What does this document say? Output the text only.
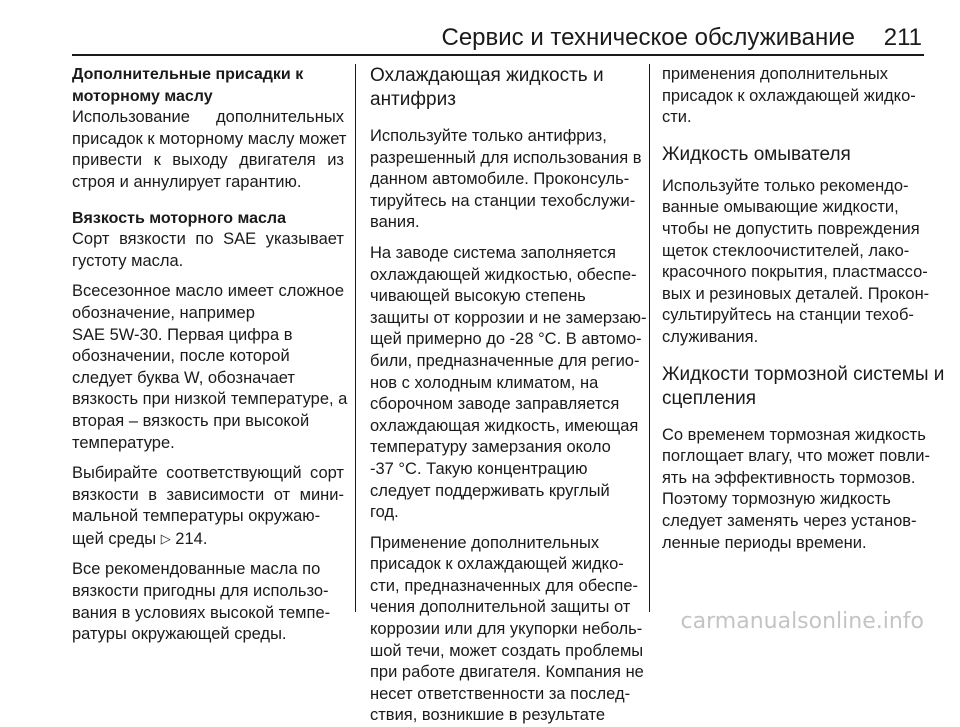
Сервис и техническое обслуживание 211
Дополнительные присадки к
моторному маслу
Использование дополнительных
присадок к моторному маслу может
привести к выходу двигателя из
строя и аннулирует гарантию.
Вязкость моторного масла
Сорт вязкости по SAE указывает
густоту масла.
Всесезонное масло имеет сложное
обозначение, например
SAE 5W-30. Первая цифра в
обозначении, после которой
следует буква W, обозначает
вязкость при низкой температуре, а
вторая – вязкость при высокой
температуре.
Выбирайте соответствующий сорт
вязкости в зависимости от мини-
мальной температуры окружаю-
щей среды ▷ 214.
Все рекомендованные масла по
вязкости пригодны для использо-
вания в условиях высокой темпе-
ратуры окружающей среды.
Охлаждающая жидкость и
антифриз
Используйте только антифриз,
разрешенный для использования в
данном автомобиле. Проконсуль-
тируйтесь на станции техобслужи-
вания.
На заводе система заполняется
охлаждающей жидкостью, обеспе-
чивающей высокую степень
защиты от коррозии и не замерзаю-
щей примерно до -28 °C. В автомо-
били, предназначенные для регио-
нов с холодным климатом, на
сборочном заводе заправляется
охлаждающая жидкость, имеющая
температуру замерзания около
-37 °C. Такую концентрацию
следует поддерживать круглый
год.
Применение дополнительных
присадок к охлаждающей жидко-
сти, предназначенных для обеспе-
чения дополнительной защиты от
коррозии или для укупорки неболь-
шой течи, может создать проблемы
при работе двигателя. Компания не
несет ответственности за послед-
ствия, возникшие в результате
применения дополнительных
присадок к охлаждающей жидко-
сти.
Жидкость омывателя
Используйте только рекомендо-
ванные омывающие жидкости,
чтобы не допустить повреждения
щеток стеклоочистителей, лако-
красочного покрытия, пластмассо-
вых и резиновых деталей. Прокон-
сультируйтесь на станции техоб-
служивания.
Жидкости тормозной системы и
сцепления
Со временем тормозная жидкость
поглощает влагу, что может повли-
ять на эффективность тормозов.
Поэтому тормозную жидкость
следует заменять через установ-
ленные периоды времени.
carmanualsonline.info
